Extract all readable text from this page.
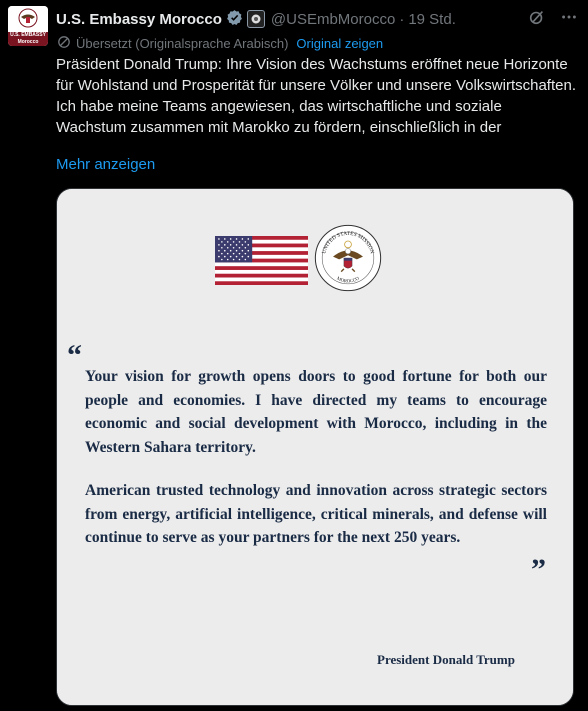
U.S. EMBASSY
Morocco
U.S. Embassy Morocco	@USEmbMorocco · 19 Std.
Übersetzt (Originalsprache Arabisch) Original zeigen
Präsident Donald Trump: Ihre Vision des Wachstums eröffnet neue Horizonte für Wohlstand und Prosperität für unsere Völker und unsere Volkswirtschaften. Ich habe meine Teams angewiesen, das wirtschaftliche und soziale Wachstum zusammen mit Marokko zu fördern, einschließlich in der
Mehr anzeigen
UNITED STATES MISSION
MOROCCO
“

Your vision for growth opens doors to good fortune for both our people and economies. I have directed my teams to encourage economic and social development with Morocco, including in the Western Sahara territory.

American trusted technology and innovation across strategic sectors from energy, artificial intelligence, critical minerals, and defense will continue to serve as your partners for the next 250 years.

”
President Donald Trump
